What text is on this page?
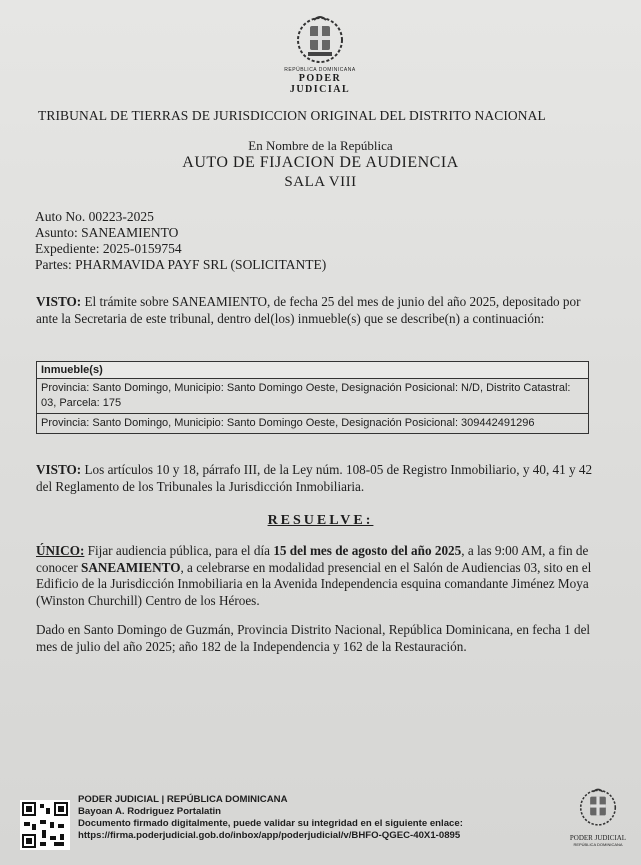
REPÚBLICA DOMINICANA
PODER JUDICIAL
TRIBUNAL DE TIERRAS DE JURISDICCION ORIGINAL DEL DISTRITO NACIONAL
En Nombre de la República
AUTO DE FIJACION DE AUDIENCIA
SALA VIII
Auto No. 00223-2025
Asunto: SANEAMIENTO
Expediente: 2025-0159754
Partes: PHARMAVIDA PAYF SRL (SOLICITANTE)
VISTO: El trámite sobre SANEAMIENTO, de fecha 25 del mes de junio del año 2025, depositado por ante la Secretaria de este tribunal, dentro del(los) inmueble(s) que se describe(n) a continuación:
Inmueble(s)
Provincia: Santo Domingo, Municipio: Santo Domingo Oeste, Designación Posicional: N/D, Distrito Catastral: 03, Parcela: 175
Provincia: Santo Domingo, Municipio: Santo Domingo Oeste, Designación Posicional: 309442491296
VISTO: Los artículos 10 y 18, párrafo III, de la Ley núm. 108-05 de Registro Inmobiliario, y 40, 41 y 42 del Reglamento de los Tribunales la Jurisdicción Inmobiliaria.
RESUELVE:
ÚNICO: Fijar audiencia pública, para el día 15 del mes de agosto del año 2025, a las 9:00 AM, a fin de conocer SANEAMIENTO, a celebrarse en modalidad presencial en el Salón de Audiencias 03, sito en el Edificio de la Jurisdicción Inmobiliaria en la Avenida Independencia esquina comandante Jiménez Moya (Winston Churchill) Centro de los Héroes.
Dado en Santo Domingo de Guzmán, Provincia Distrito Nacional, República Dominicana, en fecha 1 del mes de julio del año 2025; año 182 de la Independencia y 162 de la Restauración.
PODER JUDICIAL | REPÚBLICA DOMINICANA
Bayoan A. Rodriguez Portalatin
Documento firmado digitalmente, puede validar su integridad en el siguiente enlace:
https://firma.poderjudicial.gob.do/inbox/app/poderjudicial/v/BHFO-QGEC-40X1-0895	PODER JUDICIAL
REPÚBLICA DOMINICANA
